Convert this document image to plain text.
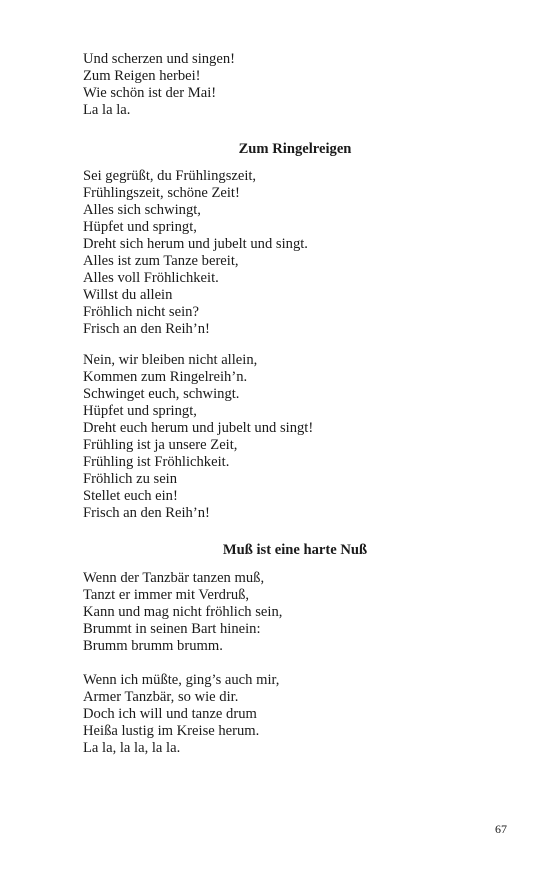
Und scherzen und singen!
Zum Reigen herbei!
Wie schön ist der Mai!
La la la.
Zum Ringelreigen
Sei gegrüßt, du Frühlingszeit,
Frühlingszeit, schöne Zeit!
Alles sich schwingt,
Hüpfet und springt,
Dreht sich herum und jubelt und singt.
Alles ist zum Tanze bereit,
Alles voll Fröhlichkeit.
Willst du allein
Fröhlich nicht sein?
Frisch an den Reih’n!
Nein, wir bleiben nicht allein,
Kommen zum Ringelreih’n.
Schwinget euch, schwingt.
Hüpfet und springt,
Dreht euch herum und jubelt und singt!
Frühling ist ja unsere Zeit,
Frühling ist Fröhlichkeit.
Fröhlich zu sein
Stellet euch ein!
Frisch an den Reih’n!
Muß ist eine harte Nuß
Wenn der Tanzbär tanzen muß,
Tanzt er immer mit Verdruß,
Kann und mag nicht fröhlich sein,
Brummt in seinen Bart hinein:
Brumm brumm brumm.
Wenn ich müßte, ging’s auch mir,
Armer Tanzbär, so wie dir.
Doch ich will und tanze drum
Heißa lustig im Kreise herum.
La la, la la, la la.
67
